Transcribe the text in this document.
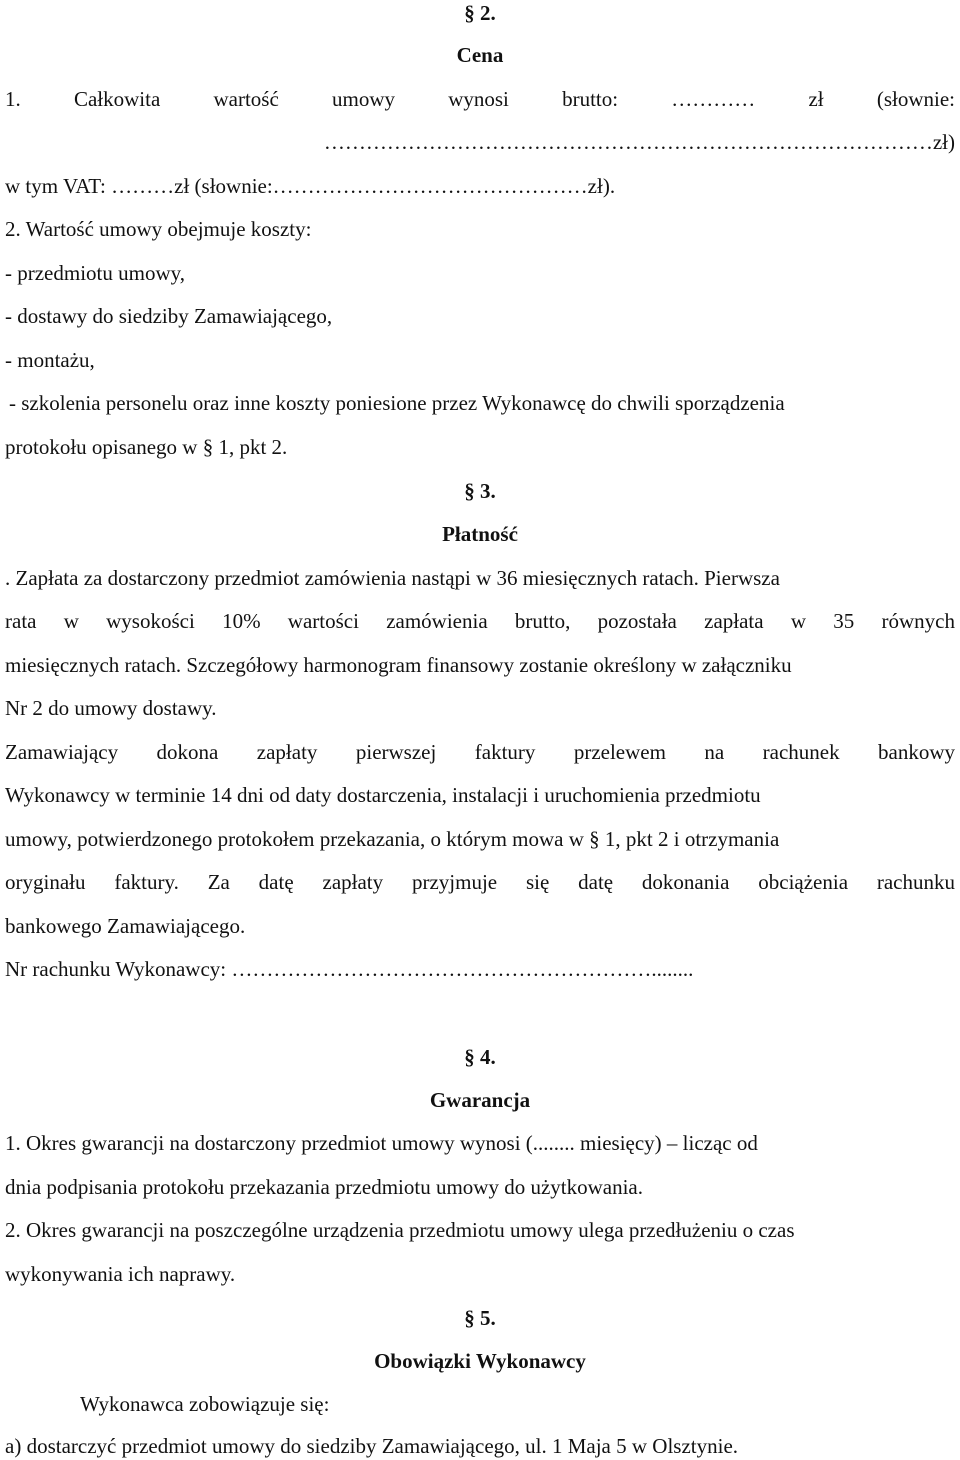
§ 2.
Cena
1. Całkowita wartość umowy wynosi brutto: ………… zł (słownie:
……………………………………………………………………………zł)
w tym VAT: ………zł (słownie:………………………………………zł).
2. Wartość umowy obejmuje koszty:
- przedmiotu umowy,
- dostawy do siedziby Zamawiającego,
- montażu,
- szkolenia personelu oraz inne koszty poniesione przez Wykonawcę do chwili sporządzenia
protokołu opisanego w § 1, pkt 2.
§ 3.
Płatność
. Zapłata za dostarczony przedmiot zamówienia nastąpi w 36 miesięcznych ratach. Pierwsza
rata w wysokości 10% wartości zamówienia brutto, pozostała zapłata w 35 równych
miesięcznych ratach. Szczegółowy harmonogram finansowy zostanie określony w załączniku
Nr 2 do umowy dostawy.
Zamawiający dokona zapłaty pierwszej faktury przelewem na rachunek bankowy
Wykonawcy w terminie 14 dni od daty dostarczenia, instalacji i uruchomienia przedmiotu
umowy, potwierdzonego protokołem przekazania, o którym mowa w § 1, pkt 2 i otrzymania
oryginału faktury. Za datę zapłaty przyjmuje się datę dokonania obciążenia rachunku
bankowego Zamawiającego.
Nr rachunku Wykonawcy: ……………………………………………………........
§ 4.
Gwarancja
1. Okres gwarancji na dostarczony przedmiot umowy wynosi (........ miesięcy) – licząc od
dnia podpisania protokołu przekazania przedmiotu umowy do użytkowania.
2. Okres gwarancji na poszczególne urządzenia przedmiotu umowy ulega przedłużeniu o czas
wykonywania ich naprawy.
§ 5.
Obowiązki Wykonawcy
Wykonawca zobowiązuje się:
a) dostarczyć przedmiot umowy do siedziby Zamawiającego, ul. 1 Maja 5 w Olsztynie.
